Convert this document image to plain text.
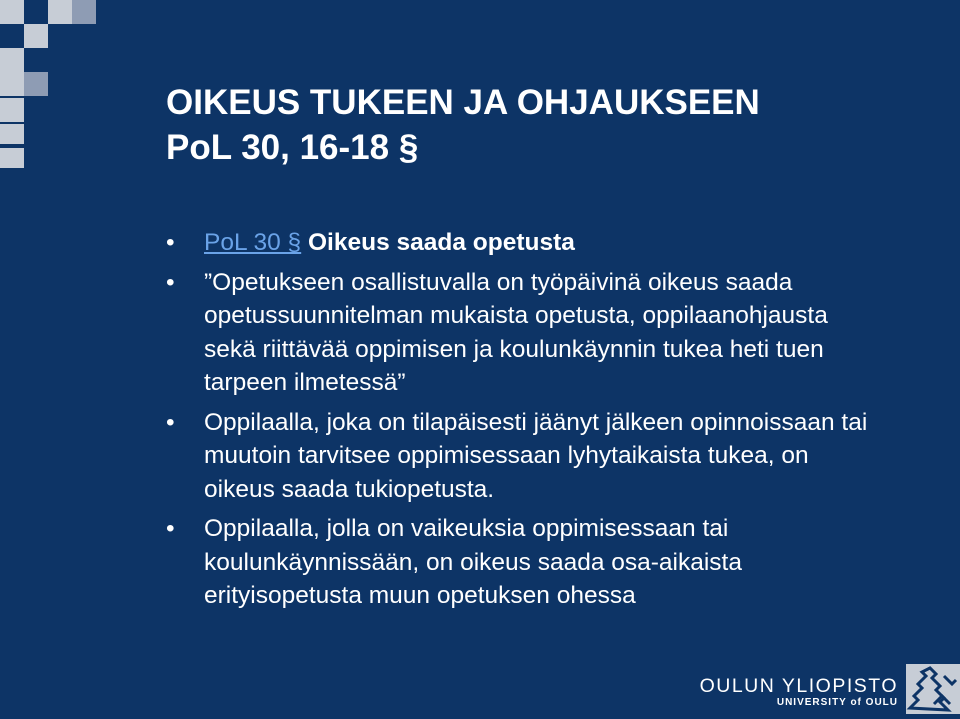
OIKEUS TUKEEN JA OHJAUKSEEN
PoL 30, 16-18 §
• PoL 30 § Oikeus saada opetusta
• ”Opetukseen osallistuvalla on työpäivinä oikeus saada opetussuunnitelman mukaista opetusta, oppilaanohjausta sekä riittävää oppimisen ja koulunkäynnin tukea heti tuen tarpeen ilmetessä”
• Oppilaalla, joka on tilapäisesti jäänyt jälkeen opinnoissaan tai muutoin tarvitsee oppimisessaan lyhytaikaista tukea, on oikeus saada tukiopetusta.
• Oppilaalla, jolla on vaikeuksia oppimisessaan tai koulunkäynnissään, on oikeus saada osa-aikaista erityisopetusta muun opetuksen ohessa
OULUN YLIOPISTO
UNIVERSITY of OULU
